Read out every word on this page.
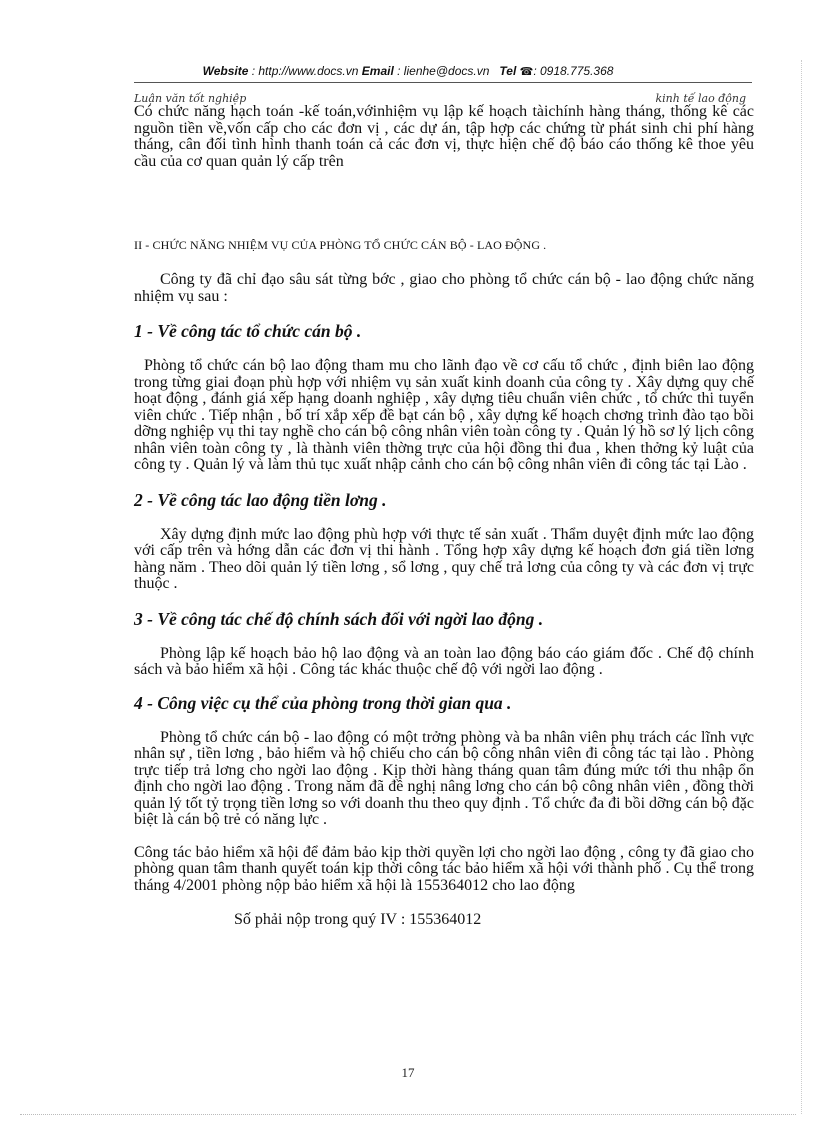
Website : http://www.docs.vn Email : lienhe@docs.vn Tel ☎: 0918.775.368
Luận văn tốt nghiệp	kinh tế lao động

Có chức năng hạch toán -kế toán,vớinhiệm vụ lập kế hoạch tàichính hàng tháng, thống kê các nguồn tiền về,vốn cấp cho các đơn vị , các dự án, tập hợp các chứng từ phát sinh chi phí hàng tháng, cân đối tình hình thanh toán cả các đơn vị, thực hiện chế độ báo cáo thống kê thoe yêu cầu của cơ quan quản lý cấp trên

II - CHỨC NĂNG NHIỆM VỤ CỦA PHÒNG TỔ CHỨC CÁN BỘ - LAO ĐỘNG .

Công ty đã chỉ đạo sâu sát từng bớc , giao cho phòng tổ chức cán bộ - lao động chức năng nhiệm vụ sau :

1 - Về công tác tổ chức cán bộ .

Phòng tổ chức cán bộ lao động tham mu cho lãnh đạo về cơ cấu tổ chức , định biên lao động trong từng giai đoạn phù hợp với nhiệm vụ sản xuất kinh doanh của công ty . Xây dựng quy chế hoạt động , đánh giá xếp hạng doanh nghiệp , xây dựng tiêu chuẩn viên chức , tổ chức thi tuyển viên chức . Tiếp nhận , bố trí xắp xếp đề bạt cán bộ , xây dựng kế hoạch chơng trình đào tạo bồi dỡng nghiệp vụ thi tay nghề cho cán bộ công nhân viên toàn công ty . Quản lý hồ sơ lý lịch công nhân viên toàn công ty , là thành viên thờng trực của hội đồng thi đua , khen thởng kỷ luật của công ty . Quản lý và làm thủ tục xuất nhập cảnh cho cán bộ công nhân viên đi công tác tại Lào .

2 - Về công tác lao động tiền lơng .

Xây dựng định mức lao động phù hợp với thực tế sản xuất . Thẩm duyệt định mức lao động với cấp trên và hớng dẫn các đơn vị thi hành . Tổng hợp xây dựng kế hoạch đơn giá tiền lơng hàng năm . Theo dõi quản lý tiền lơng , sổ lơng , quy chế trả lơng của công ty và các đơn vị trực thuộc .

3 - Về công tác chế độ chính sách đối với ngời lao động .

Phòng lập kế hoạch bảo hộ lao động và an toàn lao động báo cáo giám đốc . Chế độ chính sách và bảo hiểm xã hội . Công tác khác thuộc chế độ với ngời lao động .

4 - Công việc cụ thể của phòng trong thời gian qua .

Phòng tổ chức cán bộ - lao động có một trởng phòng và ba nhân viên phụ trách các lĩnh vực nhân sự , tiền lơng , bảo hiểm và hộ chiếu cho cán bộ công nhân viên đi công tác tại lào . Phòng trực tiếp trả lơng cho ngời lao động . Kịp thời hàng tháng quan tâm đúng mức tới thu nhập ổn định cho ngời lao động . Trong năm đã đề nghị nâng lơng cho cán bộ công nhân viên , đồng thời quản lý tốt tỷ trọng tiền lơng so với doanh thu theo quy định . Tổ chức đa đi bồi dỡng cán bộ đặc biệt là cán bộ trẻ có năng lực .

Công tác bảo hiểm xã hội để đảm bảo kịp thời quyền lợi cho ngời lao động , công ty đã giao cho phòng quan tâm thanh quyết toán kịp thời công tác bảo hiểm xã hội với thành phố . Cụ thể trong tháng 4/2001 phòng nộp bảo hiểm xã hội là 155364012 cho lao động

Số phải nộp trong quý IV : 155364012

17
